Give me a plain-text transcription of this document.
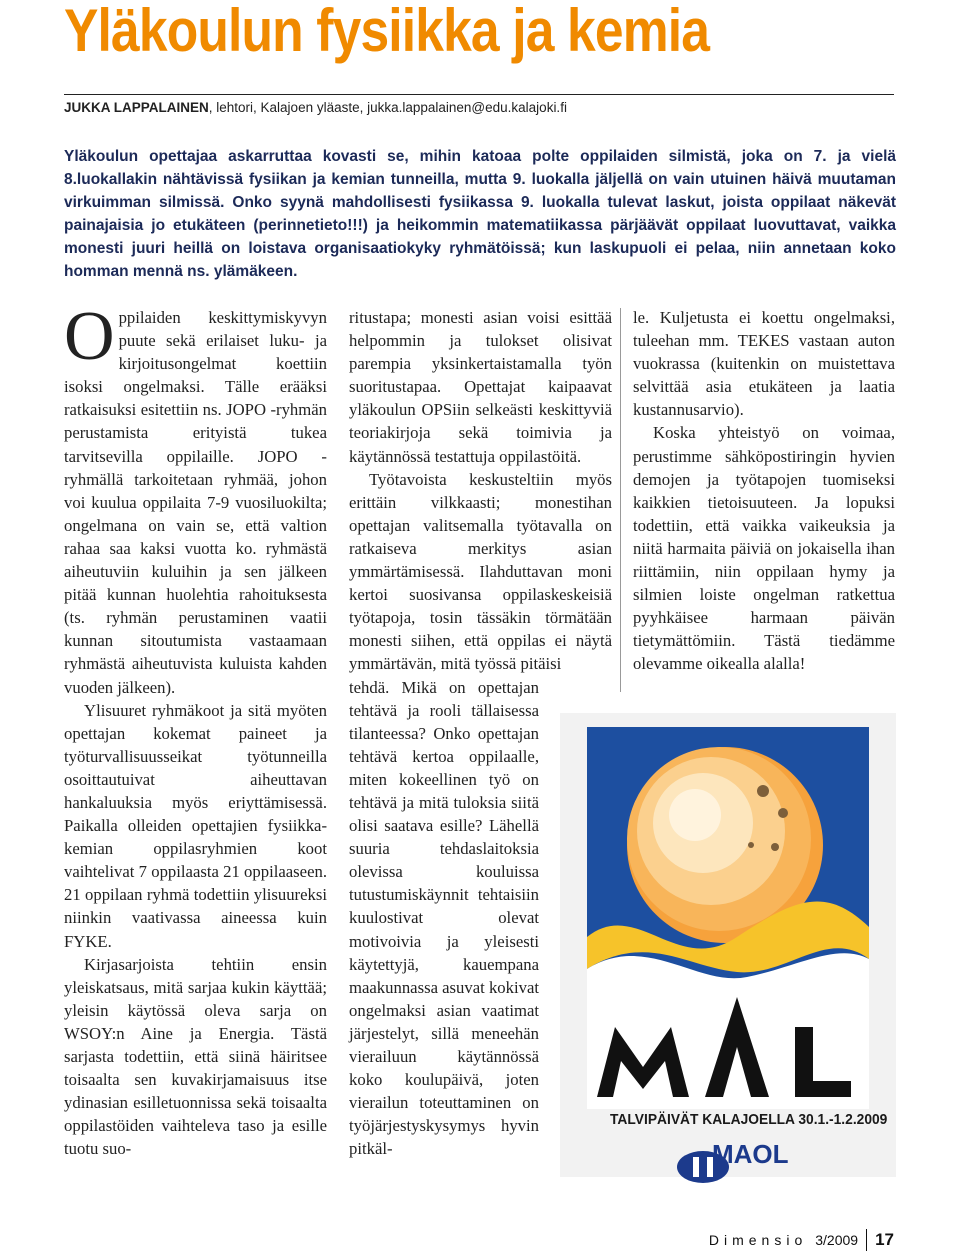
Yläkoulun fysiikka ja kemia
JUKKA LAPPALAINEN, lehtori, Kalajoen yläaste, jukka.lappalainen@edu.kalajoki.fi

Yläkoulun opettajaa askarruttaa kovasti se, mihin katoaa polte oppilaiden silmistä, joka on 7. ja vielä 8.luokallakin nähtävissä fysiikan ja kemian tunneilla, mutta 9. luokalla jäljellä on vain utuinen häivä muutaman virkuimman silmissä. Onko syynä mahdollisesti fysiikassa 9. luokalla tulevat laskut, joista oppilaat näkevät painajaisia jo etukäteen (perinnetieto!!!) ja heikommin matematiikassa pärjäävät oppilaat luovuttavat, vaikka monesti juuri heillä on loistava organisaatiokyky ryhmätöissä; kun laskupuoli ei pelaa, niin annetaan koko homman mennä ns. ylämäkeen.

Oppilaiden keskittymiskyvyn puute sekä erilaiset luku- ja kirjoitusongelmat koettiin isoksi ongelmaksi. Tälle erääksi ratkaisuksi esitettiin ns. JOPO -ryhmän perustamista erityistä tukea tarvitsevilla oppilaille. JOPO -ryhmällä tarkoitetaan ryhmää, johon voi kuulua oppilaita 7-9 vuosiluokilta; ongelmana on vain se, että valtion rahaa saa kaksi vuotta ko. ryhmästä aiheutuviin kuluihin ja sen jälkeen pitää kunnan huolehtia rahoituksesta (ts. ryhmän perustaminen vaatii kunnan sitoutumista vastaamaan ryhmästä aiheutuvista kuluista kahden vuoden jälkeen).

Ylisuuret ryhmäkoot ja sitä myöten opettajan kokemat paineet ja työturvallisuusseikat työtunneilla osoittautuivat aiheuttavan hankaluuksia myös eriyttämisessä. Paikalla olleiden opettajien fysiikka-kemian oppilasryhmien koot vaihtelivat 7 oppilaasta 21 oppilaaseen. 21 oppilaan ryhmä todettiin ylisuureksi niinkin vaativassa aineessa kuin FYKE.

Kirjasarjoista tehtiin ensin yleiskatsaus, mitä sarjaa kukin käyttää; yleisin käytössä oleva sarja on WSOY:n Aine ja Energia. Tästä sarjasta todettiin, että siinä häiritsee toisaalta sen kuvakirjamaisuus itse ydinasian esilletuonnissa sekä toisaalta oppilastöiden vaihteleva taso ja esille tuotu suo-

ritustapa; monesti asian voisi esittää helpommin ja tulokset olisivat parempia yksinkertaistamalla työn suoritustapaa. Opettajat kaipaavat yläkoulun OPSiin selkeästi keskittyviä teoriakirjoja sekä toimivia ja käytännössä testattuja oppilastöitä.

Työtavoista keskusteltiin myös erittäin vilkkaasti; monestihan opettajan valitsemalla työtavalla on ratkaiseva merkitys asian ymmärtämisessä. Ilahduttavan moni kertoi suosivansa oppilaskeskeisiä työtapoja, tosin tässäkin törmätään monesti siihen, että oppilas ei näytä ymmärtävän, mitä työssä pitäisi

tehdä. Mikä on opettajan tehtävä ja rooli tällaisessa tilanteessa? Onko opettajan tehtävä kertoa oppilaalle, miten kokeellinen työ on tehtävä ja mitä tuloksia siitä olisi saatava esille? Lähellä suuria tehdaslaitoksia olevissa kouluissa tutustumiskäynnit tehtaisiin kuulostivat olevat motivoivia ja yleisesti käytettyjä, kauempana maakunnassa asuvat kokivat ongelmaksi asian vaatimat järjestelyt, sillä meneehän vierailuun käytännössä koko koulupäivä, joten vierailun toteuttaminen on työjärjestyskysymys hyvin pitkäl-

le. Kuljetusta ei koettu ongelmaksi, tuleehan mm. TEKES vastaan auton vuokrassa (kuitenkin on muistettava selvittää asia etukäteen ja laatia kustannusarvio).

Koska yhteistyö on voimaa, perustimme sähköpostiringin hyvien demojen ja työtapojen tuomiseksi kaikkien tietoisuuteen. Ja lopuksi todettiin, että vaikka vaikeuksia ja niitä harmaita päiviä on jokaisella ihan riittämiin, niin oppilaan hymy ja silmien loiste ongelman ratkettua pyyhkäisee harmaan päivän tietymättömiin. Tästä tiedämme olevamme oikealla alalla!

TALVIPÄIVÄT KALAJOELLA 30.1.-1.2.2009
MAOL
Dimensio 3/2009 17
